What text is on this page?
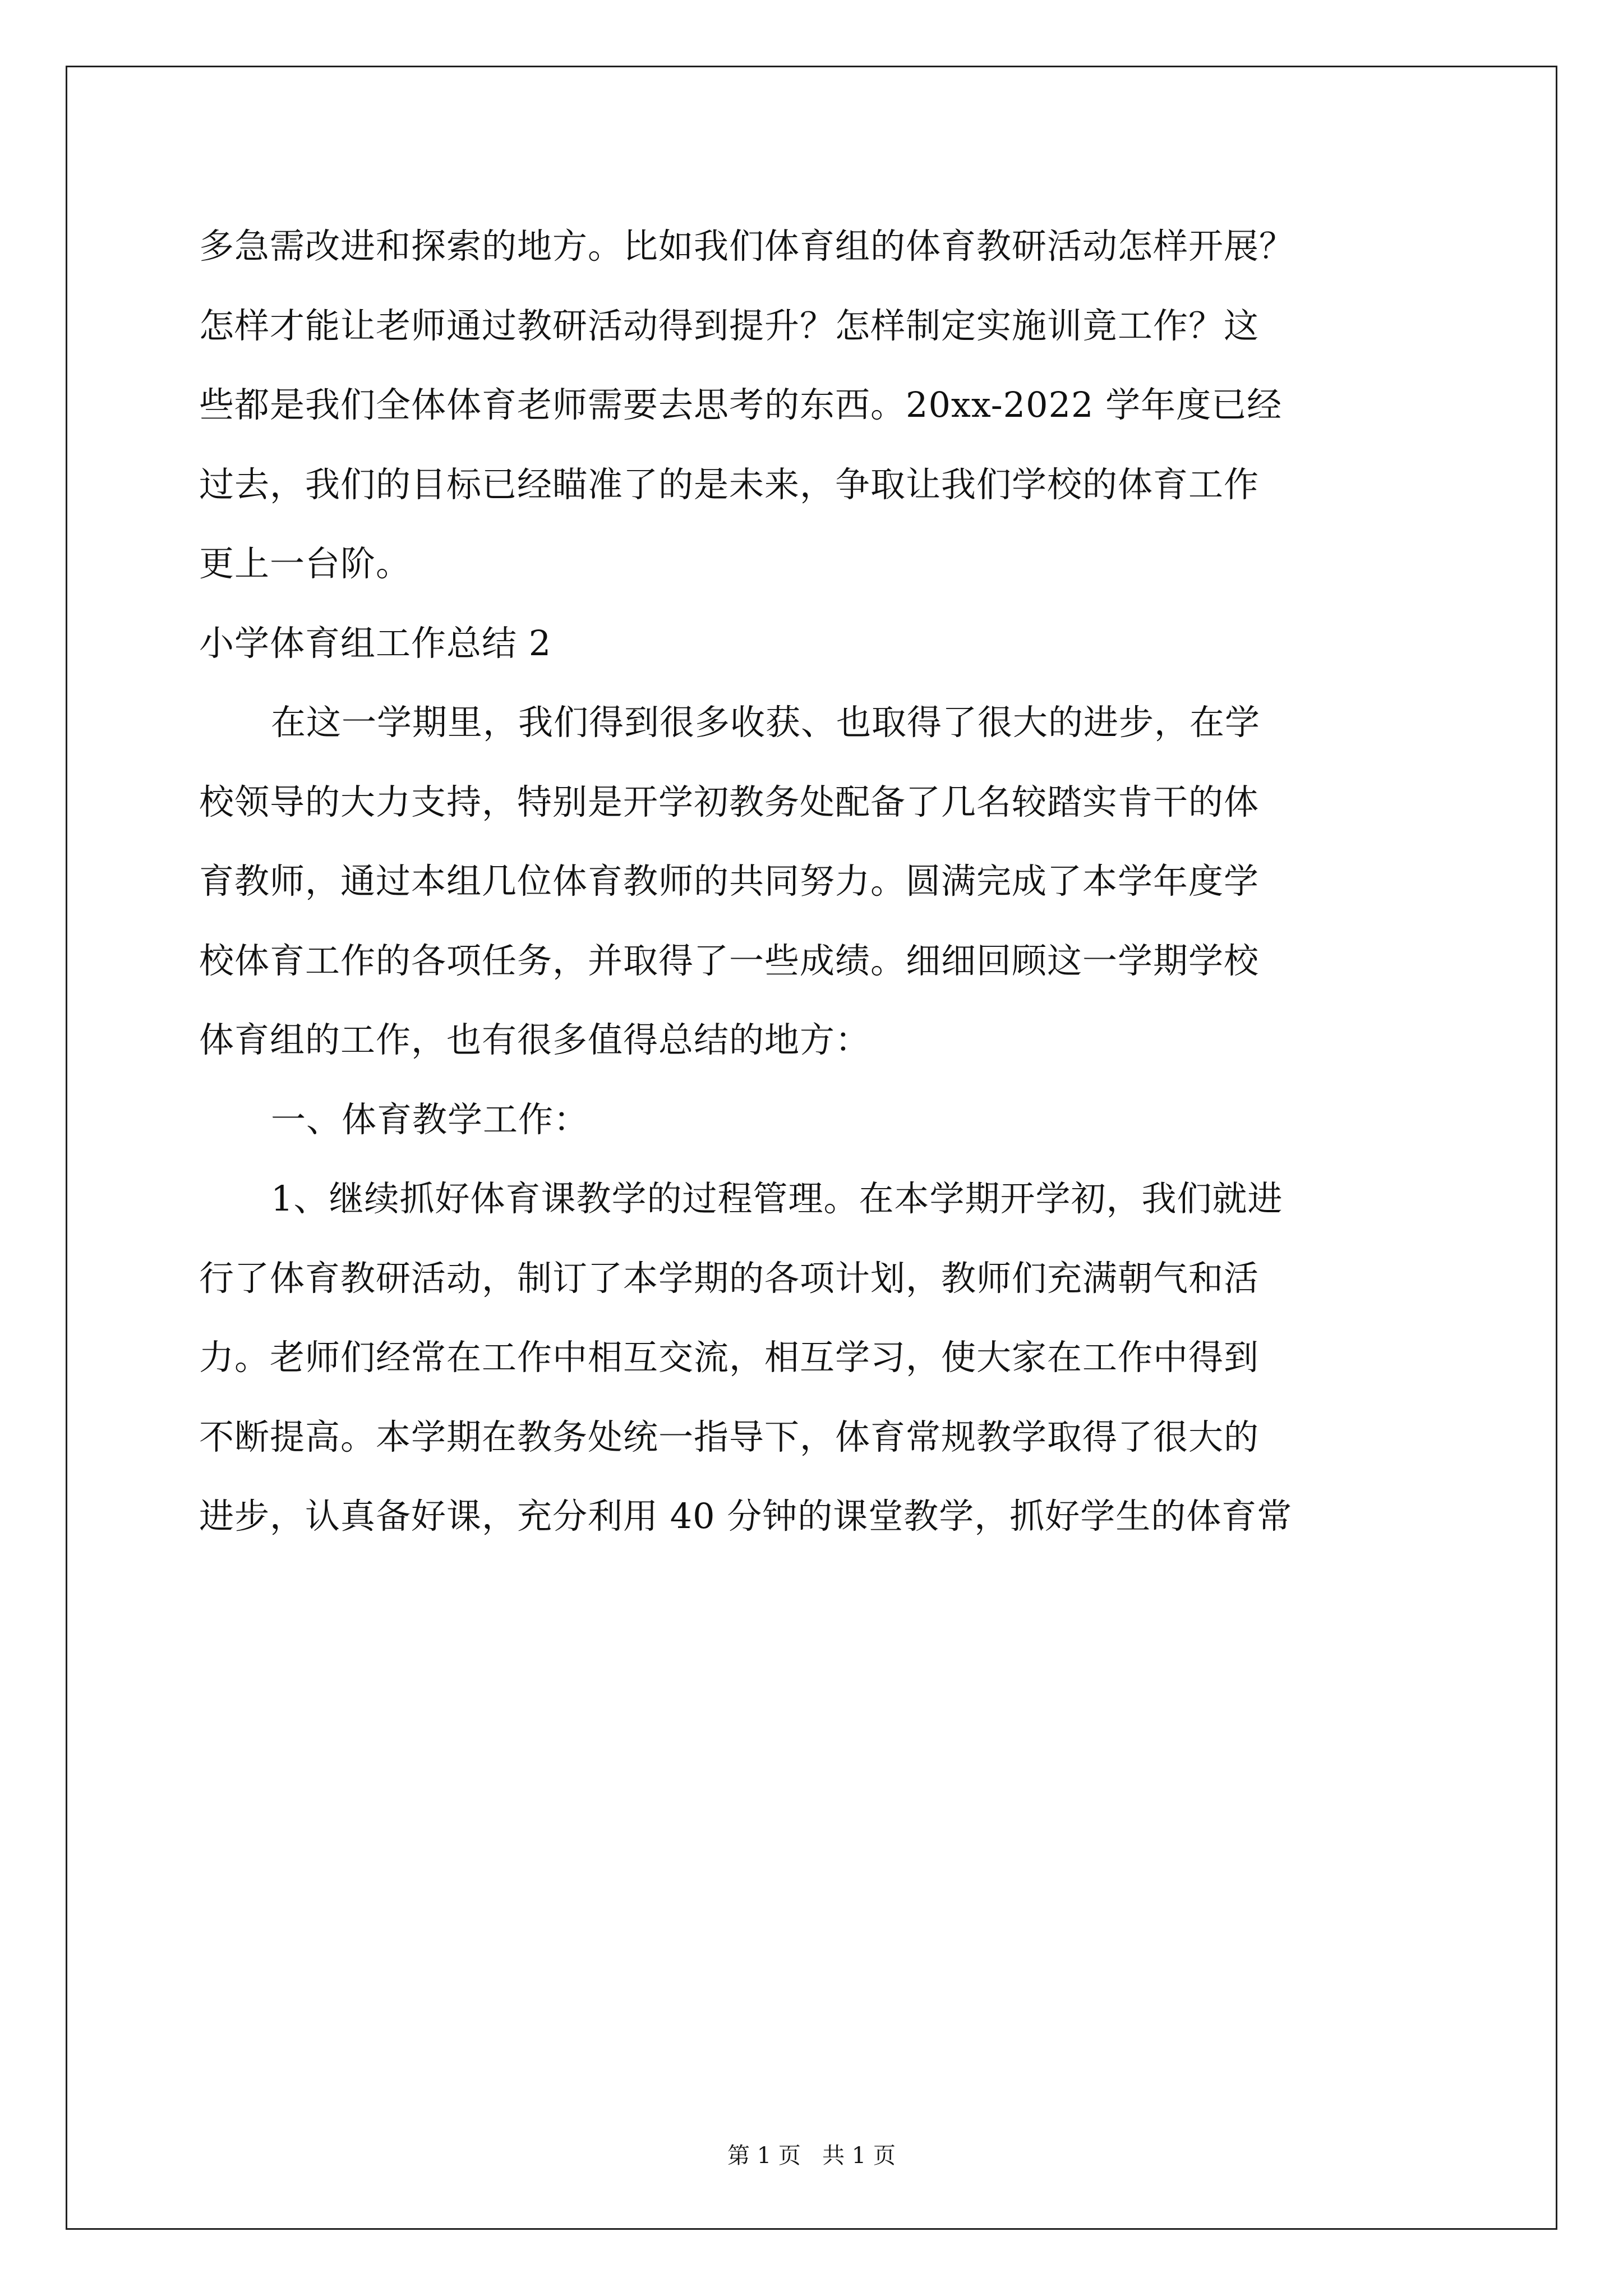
多急需改进和探索的地方。比如我们体育组的体育教研活动怎样开展？
怎样才能让老师通过教研活动得到提升？怎样制定实施训竟工作？这
些都是我们全体体育老师需要去思考的东西。20xx-2022 学年度已经
过去，我们的目标已经瞄准了的是未来，争取让我们学校的体育工作
更上一台阶。
小学体育组工作总结 2
在这一学期里，我们得到很多收获、也取得了很大的进步，在学
校领导的大力支持，特别是开学初教务处配备了几名较踏实肯干的体
育教师，通过本组几位体育教师的共同努力。圆满完成了本学年度学
校体育工作的各项任务，并取得了一些成绩。细细回顾这一学期学校
体育组的工作，也有很多值得总结的地方：
一、体育教学工作：
1、继续抓好体育课教学的过程管理。在本学期开学初，我们就进
行了体育教研活动，制订了本学期的各项计划，教师们充满朝气和活
力。老师们经常在工作中相互交流，相互学习，使大家在工作中得到
不断提高。本学期在教务处统一指导下，体育常规教学取得了很大的
进步，认真备好课，充分利用 40 分钟的课堂教学，抓好学生的体育常
第 1 页   共 1 页
